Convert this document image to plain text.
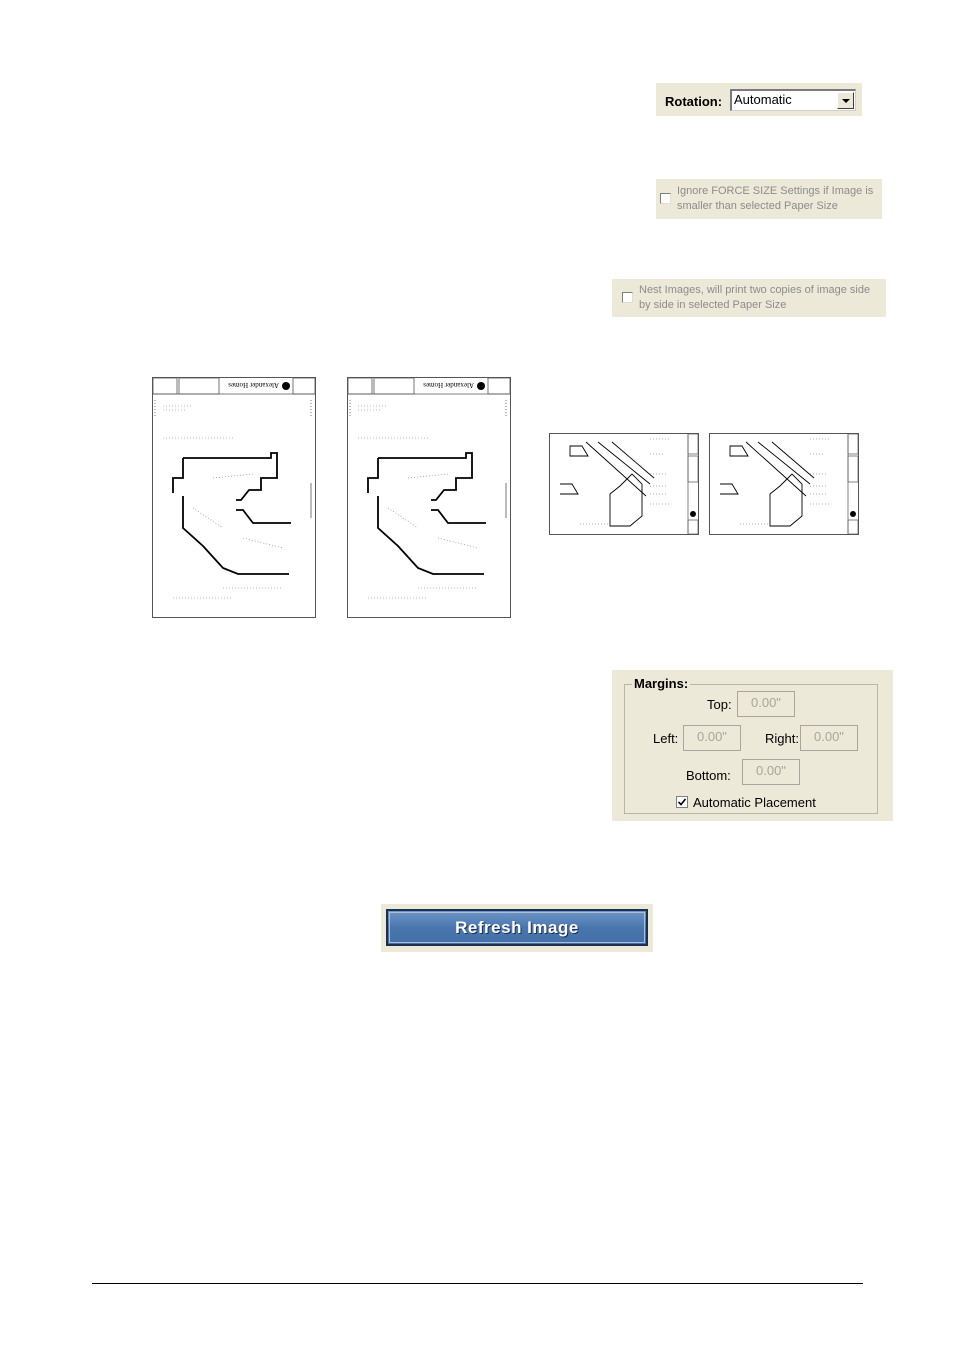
Rotation: Automatic
Ignore FORCE SIZE Settings if Image is
smaller than selected Paper Size
Nest Images, will print two copies of image side
by side in selected Paper Size
Alexander Homes	Alexander Homes
Margins:
Top:	0.00"
Left:	0.00"	Right:	0.00"
Bottom:	0.00"
Automatic Placement
Refresh Image
